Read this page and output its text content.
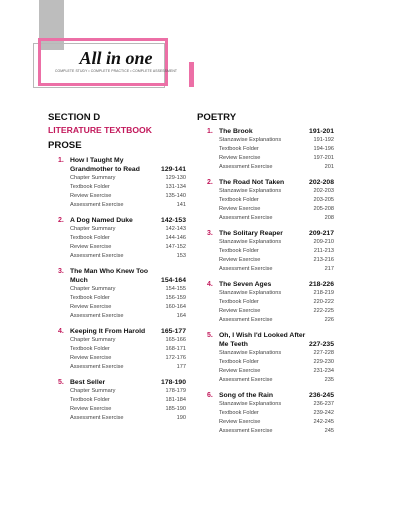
All in one
COMPLETE STUDY • COMPLETE PRACTICE • COMPLETE ASSESSMENT
SECTION D
LITERATURE TEXTBOOK
PROSE
1. How I Taught My Grandmother to Read	129-141
Chapter Summary	129-130
Textbook Folder	131-134
Review Exercise	135-140
Assessment Exercise	141
2. A Dog Named Duke	142-153
Chapter Summary	142-143
Textbook Folder	144-146
Review Exercise	147-152
Assessment Exercise	153
3. The Man Who Knew Too Much	154-164
Chapter Summary	154-155
Textbook Folder	156-159
Review Exercise	160-164
Assessment Exercise	164
4. Keeping It From Harold 165-177
Chapter Summary	165-166
Textbook Folder	168-171
Review Exercise	172-176
Assessment Exercise	177
5. Best Seller	178-190
Chapter Summary	178-179
Textbook Folder	181-184
Review Exercise	185-190
Assessment Exercise	190
POETRY
1. The Brook	191-201
Stanzawise Explanations	191-192
Textbook Folder	194-196
Review Exercise	197-201
Assessment Exercise	201
2. The Road Not Taken	202-208
Stanzawise Explanations	202-203
Textbook Folder	203-205
Review Exercise	205-208
Assessment Exercise	208
3. The Solitary Reaper	209-217
Stanzawise Explanations	209-210
Textbook Folder	211-213
Review Exercise	213-216
Assessment Exercise	217
4. The Seven Ages	218-226
Stanzawise Explanations	218-219
Textbook Folder	220-222
Review Exercise	222-225
Assessment Exercise	226
5. Oh, I Wish I'd Looked After Me Teeth	227-235
Stanzawise Explanations	227-228
Textbook Folder	229-230
Review Exercise	231-234
Assessment Exercise	235
6. Song of the Rain	236-245
Stanzawise Explanations	236-237
Textbook Folder	239-242
Review Exercise	242-245
Assessment Exercise	245
